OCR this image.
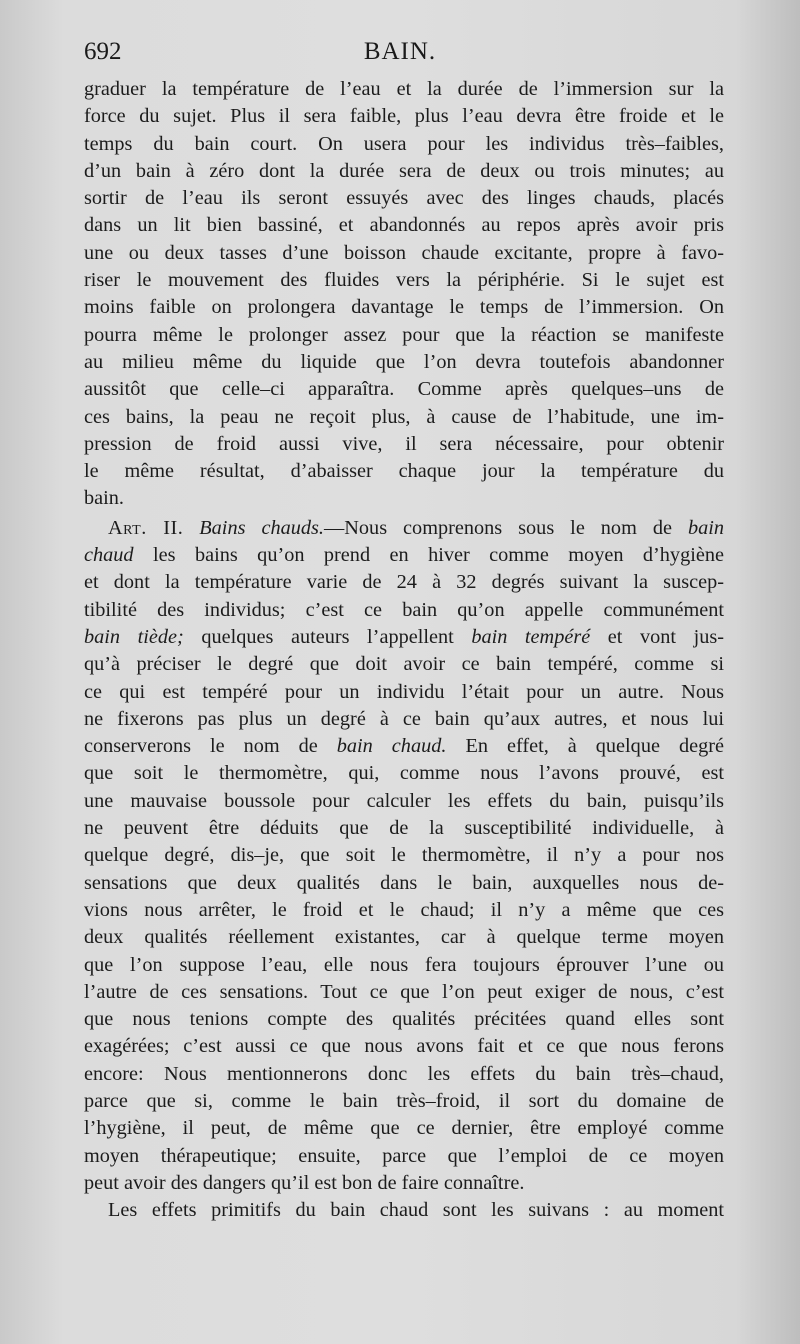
692	BAIN.
graduer la température de l’eau et la durée de l’immersion sur la
force du sujet. Plus il sera faible, plus l’eau devra être froide et le
temps du bain court. On usera pour les individus très–faibles,
d’un bain à zéro dont la durée sera de deux ou trois minutes; au
sortir de l’eau ils seront essuyés avec des linges chauds, placés
dans un lit bien bassiné, et abandonnés au repos après avoir pris
une ou deux tasses d’une boisson chaude excitante, propre à favo-
riser le mouvement des fluides vers la périphérie. Si le sujet est
moins faible on prolongera davantage le temps de l’immersion. On
pourra même le prolonger assez pour que la réaction se manifeste
au milieu même du liquide que l’on devra toutefois abandonner
aussitôt que celle–ci apparaîtra. Comme après quelques–uns de
ces bains, la peau ne reçoit plus, à cause de l’habitude, une im-
pression de froid aussi vive, il sera nécessaire, pour obtenir
le même résultat, d’abaisser chaque jour la température du
bain.
Art. II. Bains chauds.—Nous comprenons sous le nom de bain
chaud les bains qu’on prend en hiver comme moyen d’hygiène
et dont la température varie de 24 à 32 degrés suivant la suscep-
tibilité des individus; c’est ce bain qu’on appelle communément
bain tiède; quelques auteurs l’appellent bain tempéré et vont jus-
qu’à préciser le degré que doit avoir ce bain tempéré, comme si
ce qui est tempéré pour un individu l’était pour un autre. Nous
ne fixerons pas plus un degré à ce bain qu’aux autres, et nous lui
conserverons le nom de bain chaud. En effet, à quelque degré
que soit le thermomètre, qui, comme nous l’avons prouvé, est
une mauvaise boussole pour calculer les effets du bain, puisqu’ils
ne peuvent être déduits que de la susceptibilité individuelle, à
quelque degré, dis–je, que soit le thermomètre, il n’y a pour nos
sensations que deux qualités dans le bain, auxquelles nous de-
vions nous arrêter, le froid et le chaud; il n’y a même que ces
deux qualités réellement existantes, car à quelque terme moyen
que l’on suppose l’eau, elle nous fera toujours éprouver l’une ou
l’autre de ces sensations. Tout ce que l’on peut exiger de nous, c’est
que nous tenions compte des qualités précitées quand elles sont
exagérées; c’est aussi ce que nous avons fait et ce que nous ferons
encore: Nous mentionnerons donc les effets du bain très–chaud,
parce que si, comme le bain très–froid, il sort du domaine de
l’hygiène, il peut, de même que ce dernier, être employé comme
moyen thérapeutique; ensuite, parce que l’emploi de ce moyen
peut avoir des dangers qu’il est bon de faire connaître.
Les effets primitifs du bain chaud sont les suivans : au moment
